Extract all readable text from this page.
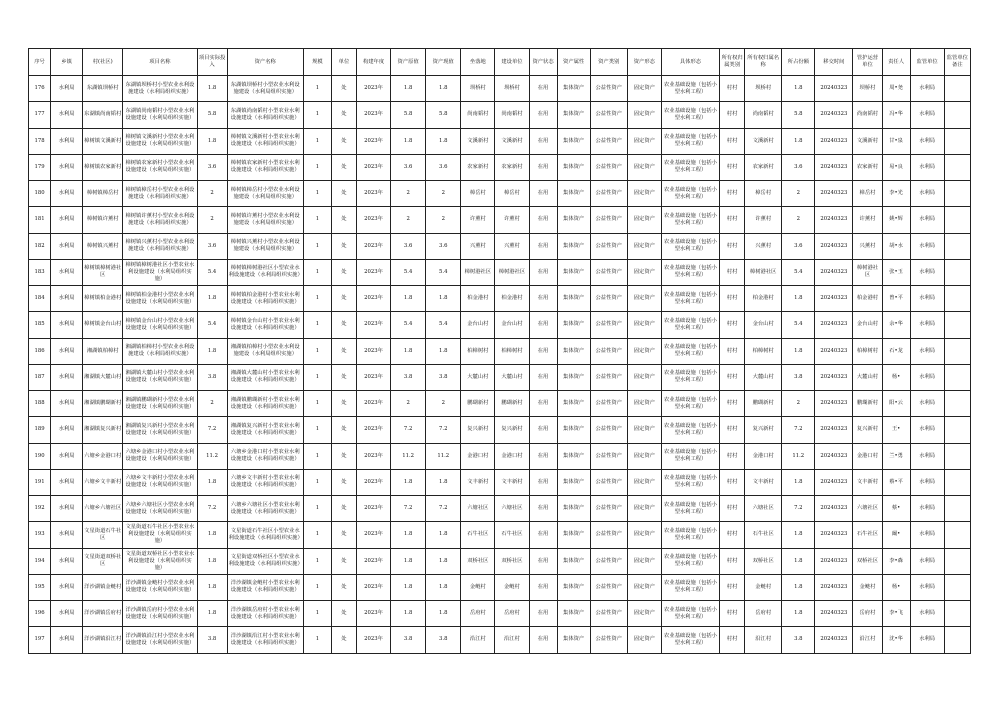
序号	乡镇	村(社区)	项目名称	项目实际投入	资产名称	规模	单位	构建年度	资产原值	资产现值	坐落地	建设单位	资产状态	资产属性	资产类别	资产形态	具体形态	所有权归属类别	所有权归属名称	所占份额	移交时间	管护运营单位	责任人	监管单位	监管单位备注
176	水利局	东湖镇坝桥村	东湖镇坝桥村小型农业水利设施建设（水利局组织实施）	1.8	东湖镇坝桥村小型农业水利设施建设（水利局组织实施）	1	处	2023年	1.8	1.8	坝桥村	坝桥村	在用	集体资产	公益性资产	固定资产	农业基础设施（包括小型水利工程）	村村	坝桥村	1.8	20240323	坝桥村	周•尧	水利局	
177	水利局	东湖镇尚南韬村	东湖镇尚南韬村小型农业水利设施建设（水利局组织实施）	5.8	东湖镇尚南韬村小型农业水利设施建设（水利局组织实施）	1	处	2023年	5.8	5.8	尚南韬村	尚南韬村	在用	集体资产	公益性资产	固定资产	农业基础设施（包括小型水利工程）	村村	尚南韬村	5.8	20240323	尚南韬村	冯•华	水利局	
178	水利局	樟树镇文溪新村	樟树镇文溪新村小型农业水利设施建设（水利局组织实施）	1.8	樟树镇文溪新村小型农业水利设施建设（水利局组织实施）	1	处	2023年	1.8	1.8	文溪新村	文溪新村	在用	集体资产	公益性资产	固定资产	农业基础设施（包括小型水利工程）	村村	文溪新村	1.8	20240323	文溪新村	甘•泉	水利局	
179	水利局	樟树镇农家新村	樟树镇农家新村小型农业水利设施建设（水利局组织实施）	3.6	樟树镇农家新村小型农业水利设施建设（水利局组织实施）	1	处	2023年	3.6	3.6	农家新村	农家新村	在用	集体资产	公益性资产	固定资产	农业基础设施（包括小型水利工程）	村村	农家新村	3.6	20240323	农家新村	易•良	水利局	
180	水利局	樟树镇樟岳村	樟树镇樟岳村小型农业水利设施建设（水利局组织实施）	2	樟树镇樟岳村小型农业水利设施建设（水利局组织实施）	1	处	2023年	2	2	樟岳村	樟岳村	在用	集体资产	公益性资产	固定资产	农业基础设施（包括小型水利工程）	村村	樟岳村	2	20240323	樟岳村	李•光	水利局	
181	水利局	樟树镇许薰村	樟树镇许薰村小型农业水利设施建设（水利局组织实施）	2	樟树镇许薰村小型农业水利设施建设（水利局组织实施）	1	处	2023年	2	2	许薰村	许薰村	在用	集体资产	公益性资产	固定资产	农业基础设施（包括小型水利工程）	村村	许薰村	2	20240323	许薰村	姚•辉	水利局	
182	水利局	樟树镇兴薰村	樟树镇兴薰村小型农业水利设施建设（水利局组织实施）	3.6	樟树镇兴薰村小型农业水利设施建设（水利局组织实施）	1	处	2023年	3.6	3.6	兴薰村	兴薰村	在用	集体资产	公益性资产	固定资产	农业基础设施（包括小型水利工程）	村村	兴薰村	3.6	20240323	兴薰村	胡•水	水利局	
183	水利局	樟树镇樟树港社区	樟树镇樟树港社区小型农业水利设施建设（水利局组织实施）	5.4	樟树镇樟树港社区小型农业水利设施建设（水利局组织实施）	1	处	2023年	5.4	5.4	樟树港社区	樟树港社区	在用	集体资产	公益性资产	固定资产	农业基础设施（包括小型水利工程）	村村	樟树港社区	5.4	20240323	樟树港社区	张•玉	水利局	
184	水利局	樟树镇柏金港村	樟树镇柏金港村小型农业水利设施建设（水利局组织实施）	1.8	樟树镇柏金港村小型农业水利设施建设（水利局组织实施）	1	处	2023年	1.8	1.8	柏金港村	柏金港村	在用	集体资产	公益性资产	固定资产	农业基础设施（包括小型水利工程）	村村	柏金港村	1.8	20240323	柏金港村	曾•平	水利局	
185	水利局	樟树镇金台山村	樟树镇金台山村小型农业水利设施建设（水利局组织实施）	5.4	樟树镇金台山村小型农业水利设施建设（水利局组织实施）	1	处	2023年	5.4	5.4	金台山村	金台山村	在用	集体资产	公益性资产	固定资产	农业基础设施（包括小型水利工程）	村村	金台山村	5.4	20240323	金台山村	余•华	水利局	
186	水利局	湘湖镇柏樟村	湘湖镇柏樟村小型农业水利设施建设（水利局组织实施）	1.8	湘湖镇柏樟村小型农业水利设施建设（水利局组织实施）	1	处	2023年	1.8	1.8	柏樟树村	柏樟树村	在用	集体资产	公益性资产	固定资产	农业基础设施（包括小型水利工程）	村村	柏樟树村	1.8	20240323	柏樟树村	石•龙	水利局	
187	水利局	湘湖镇大麓山村	湘湖镇大麓山村小型农业水利设施建设（水利局组织实施）	3.8	湘湖镇大麓山村小型农业水利设施建设（水利局组织实施）	1	处	2023年	3.8	3.8	大麓山村	大麓山村	在用	集体资产	公益性资产	固定资产	农业基础设施（包括小型水利工程）	村村	大麓山村	3.8	20240323	大麓山村	杨•	水利局	
188	水利局	湘湖镇鹏瑚新村	湘湖镇鹏瑚新村小型农业水利设施建设（水利局组织实施）	2	湘湖镇鹏瑚新村小型农业水利设施建设（水利局组织实施）	1	处	2023年	2	2	鹏瑚新村	鹏瑚新村	在用	集体资产	公益性资产	固定资产	农业基础设施（包括小型水利工程）	村村	鹏瑚新村	2	20240323	鹏瑚新村	阳•云	水利局	
189	水利局	湘湖镇复兴新村	湘湖镇复兴新村小型农业水利设施建设（水利局组织实施）	7.2	湘湖镇复兴新村小型农业水利设施建设（水利局组织实施）	1	处	2023年	7.2	7.2	复兴新村	复兴新村	在用	集体资产	公益性资产	固定资产	农业基础设施（包括小型水利工程）	村村	复兴新村	7.2	20240323	复兴新村	王•	水利局	
190	水利局	六塘乡金港口村	六塘乡金港口村小型农业水利设施建设（水利局组织实施）	11.2	六塘乡金港口村小型农业水利设施建设（水利局组织实施）	1	处	2023年	11.2	11.2	金港口村	金港口村	在用	集体资产	公益性资产	固定资产	农业基础设施（包括小型水利工程）	村村	金港口村	11.2	20240323	金港口村	兰•勇	水利局	
191	水利局	六塘乡文丰新村	六塘乡文丰新村小型农业水利设施建设（水利局组织实施）	1.8	六塘乡文丰新村小型农业水利设施建设（水利局组织实施）	1	处	2023年	1.8	1.8	文丰新村	文丰新村	在用	集体资产	公益性资产	固定资产	农业基础设施（包括小型水利工程）	村村	文丰新村	1.8	20240323	文丰新村	蔡•平	水利局	
192	水利局	六塘乡六塘社区	六塘乡六塘社区小型农业水利设施建设（水利局组织实施）	7.2	六塘乡六塘社区小型农业水利设施建设（水利局组织实施）	1	处	2023年	7.2	7.2	六塘社区	六塘社区	在用	集体资产	公益性资产	固定资产	农业基础设施（包括小型水利工程）	村村	六塘社区	7.2	20240323	六塘社区	蔡•	水利局	
193	水利局	文星街道石牛社区	文星街道石牛社区小型农业水利设施建设（水利局组织实施）	1.8	文星街道石牛社区小型农业水利设施建设（水利局组织实施）	1	处	2023年	1.8	1.8	石牛社区	石牛社区	在用	集体资产	公益性资产	固定资产	农业基础设施（包括小型水利工程）	村村	石牛社区	1.8	20240323	石牛社区	阚•	水利局	
194	水利局	文星街道双桥社区	文星街道双桥社区小型农业水利设施建设（水利局组织实施）	1.8	文星街道双桥社区小型农业水利设施建设（水利局组织实施）	1	处	2023年	1.8	1.8	双桥社区	双桥社区	在用	集体资产	公益性资产	固定资产	农业基础设施（包括小型水利工程）	村村	双桥社区	1.8	20240323	双桥社区	李•森	水利局	
195	水利局	洋沙湖镇金鲢村	洋沙湖镇金鲢村小型农业水利设施建设（水利局组织实施）	1.8	洋沙湖镇金鲢村小型农业水利设施建设（水利局组织实施）	1	处	2023年	1.8	1.8	金鲢村	金鲢村	在用	集体资产	公益性资产	固定资产	农业基础设施（包括小型水利工程）	村村	金鲢村	1.8	20240323	金鲢村	杨•	水利局	
196	水利局	洋沙湖镇岳府村	洋沙湖镇岳府村小型农业水利设施建设（水利局组织实施）	1.8	洋沙湖镇岳府村小型农业水利设施建设（水利局组织实施）	1	处	2023年	1.8	1.8	岳府村	岳府村	在用	集体资产	公益性资产	固定资产	农业基础设施（包括小型水利工程）	村村	岳府村	1.8	20240323	岳府村	李•飞	水利局	
197	水利局	洋沙湖镇沿江村	洋沙湖镇沿江村小型农业水利设施建设（水利局组织实施）	3.8	洋沙湖镇沿江村小型农业水利设施建设（水利局组织实施）	1	处	2023年	3.8	3.8	沿江村	沿江村	在用	集体资产	公益性资产	固定资产	农业基础设施（包括小型水利工程）	村村	沿江村	3.8	20240323	沿江村	沈•华	水利局	
